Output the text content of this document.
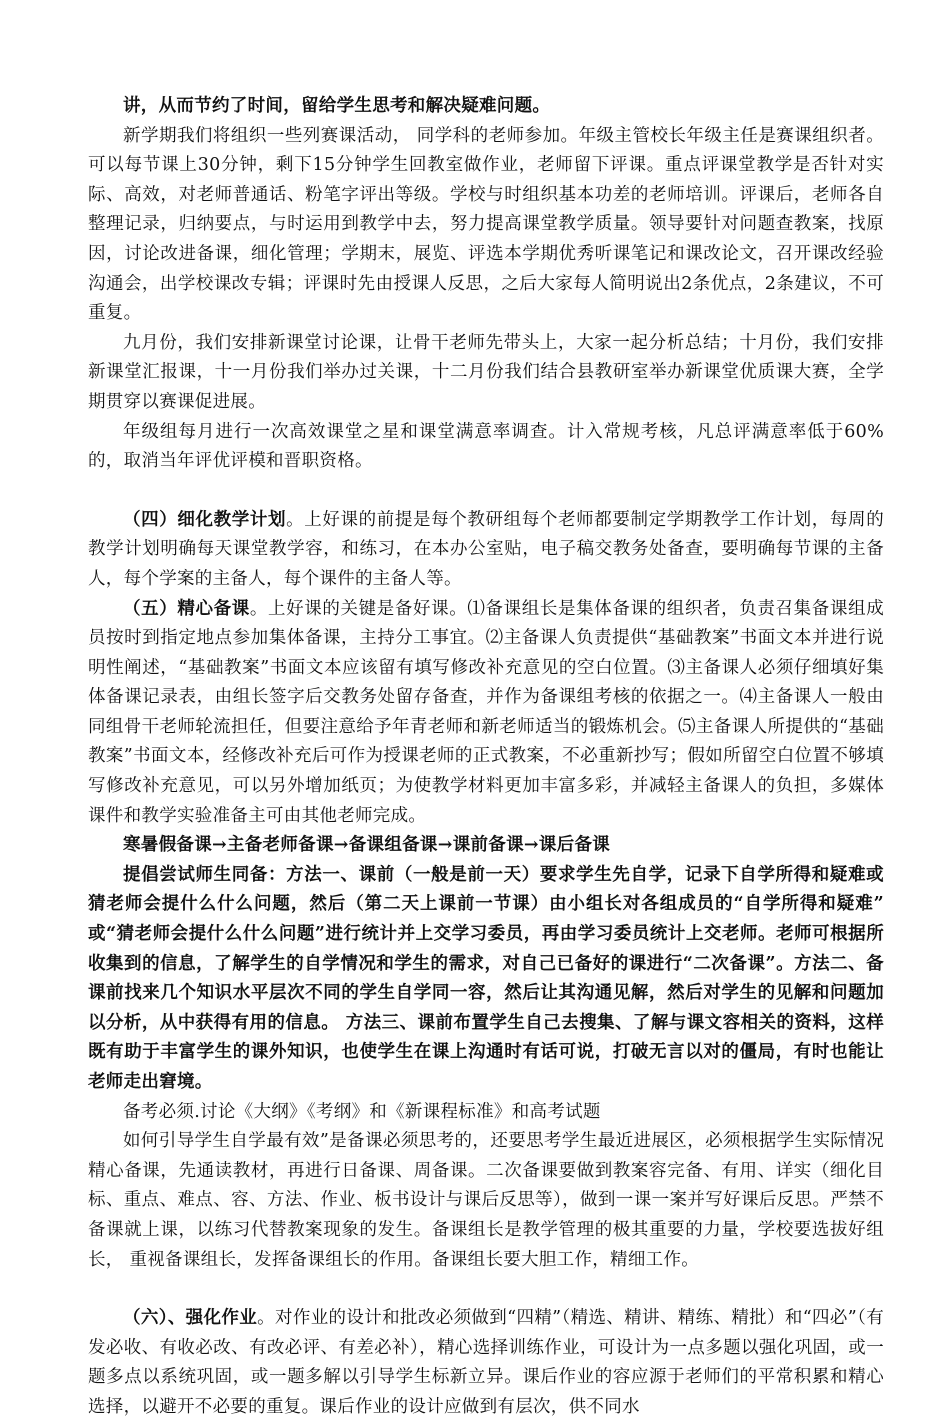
讲，从而节约了时间，留给学生思考和解决疑难问题。

新学期我们将组织一些列赛课活动， 同学科的老师参加。年级主管校长年级主任是赛课组织者。可以每节课上30分钟，剩下15分钟学生回教室做作业，老师留下评课。重点评课堂教学是否针对实际、高效，对老师普通话、粉笔字评出等级。学校与时组织基本功差的老师培训。评课后，老师各自整理记录，归纳要点，与时运用到教学中去，努力提高课堂教学质量。领导要针对问题查教案，找原因，讨论改进备课，细化管理；学期末，展览、评选本学期优秀听课笔记和课改论文，召开课改经验沟通会，出学校课改专辑；评课时先由授课人反思，之后大家每人简明说出2条优点，2条建议，不可重复。

九月份，我们安排新课堂讨论课，让骨干老师先带头上，大家一起分析总结；十月份，我们安排新课堂汇报课，十一月份我们举办过关课，十二月份我们结合县教研室举办新课堂优质课大赛，全学期贯穿以赛课促进展。

年级组每月进行一次高效课堂之星和课堂满意率调查。计入常规考核，凡总评满意率低于60%的，取消当年评优评模和晋职资格。

（四）细化教学计划。上好课的前提是每个教研组每个老师都要制定学期教学工作计划，每周的教学计划明确每天课堂教学容，和练习，在本办公室贴，电子稿交教务处备查，要明确每节课的主备人，每个学案的主备人，每个课件的主备人等。

（五）精心备课。上好课的关键是备好课。⑴备课组长是集体备课的组织者，负责召集备课组成员按时到指定地点参加集体备课，主持分工事宜。⑵主备课人负责提供“基础教案”书面文本并进行说明性阐述，“基础教案”书面文本应该留有填写修改补充意见的空白位置。⑶主备课人必须仔细填好集体备课记录表，由组长签字后交教务处留存备查，并作为备课组考核的依据之一。⑷主备课人一般由同组骨干老师轮流担任，但要注意给予年青老师和新老师适当的锻炼机会。⑸主备课人所提供的“基础教案”书面文本，经修改补充后可作为授课老师的正式教案，不必重新抄写；假如所留空白位置不够填写修改补充意见，可以另外增加纸页；为使教学材料更加丰富多彩，并减轻主备课人的负担，多媒体课件和教学实验准备主可由其他老师完成。

寒暑假备课→主备老师备课→备课组备课→课前备课→课后备课

提倡尝试师生同备：方法一、课前（一般是前一天）要求学生先自学，记录下自学所得和疑难或猜老师会提什么什么问题，然后（第二天上课前一节课）由小组长对各组成员的“自学所得和疑难” 或“猜老师会提什么什么问题”进行统计并上交学习委员，再由学习委员统计上交老师。老师可根据所收集到的信息，了解学生的自学情况和学生的需求，对自己已备好的课进行“二次备课”。方法二、备课前找来几个知识水平层次不同的学生自学同一容，然后让其沟通见解，然后对学生的见解和问题加以分析，从中获得有用的信息。 方法三、课前布置学生自己去搜集、了解与课文容相关的资料，这样既有助于丰富学生的课外知识，也使学生在课上沟通时有话可说，打破无言以对的僵局，有时也能让老师走出窘境。

备考必须.讨论《大纲》《考纲》和《新课程标准》和高考试题

如何引导学生自学最有效”是备课必须思考的，还要思考学生最近进展区，必须根据学生实际情况精心备课，先通读教材，再进行日备课、周备课。二次备课要做到教案容完备、有用、详实（细化目标、重点、难点、容、方法、作业、板书设计与课后反思等），做到一课一案并写好课后反思。严禁不备课就上课，以练习代替教案现象的发生。备课组长是教学管理的极其重要的力量，学校要选拔好组长， 重视备课组长，发挥备课组长的作用。备课组长要大胆工作，精细工作。

（六）、强化作业。对作业的设计和批改必须做到“四精”（精选、精讲、精练、精批）和“四必”（有发必收、有收必改、有改必评、有差必补），精心选择训练作业，可设计为一点多题以强化巩固，或一题多点以系统巩固，或一题多解以引导学生标新立异。课后作业的容应源于老师们的平常积累和精心选择，以避开不必要的重复。课后作业的设计应做到有层次，供不同水
